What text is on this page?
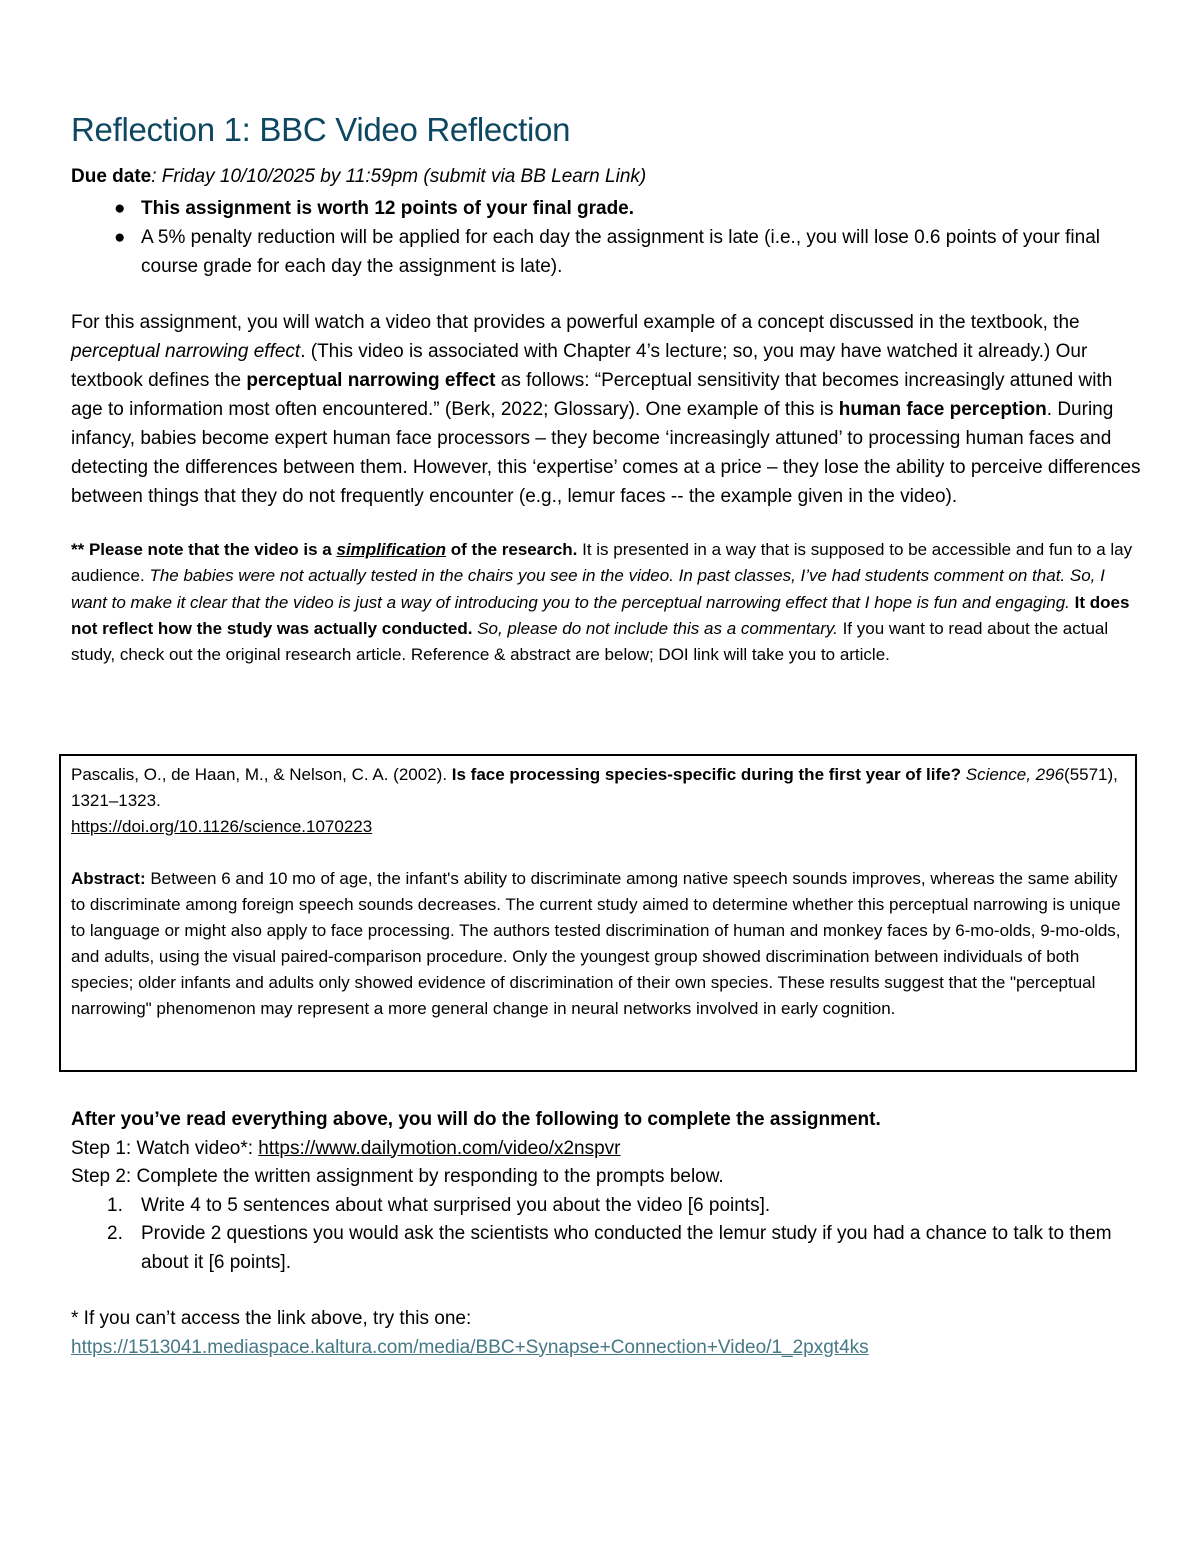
Reflection 1: BBC Video Reflection
Due date: Friday 10/10/2025 by 11:59pm (submit via BB Learn Link)
● This assignment is worth 12 points of your final grade.
● A 5% penalty reduction will be applied for each day the assignment is late (i.e., you will lose 0.6 points of your final course grade for each day the assignment is late).

For this assignment, you will watch a video that provides a powerful example of a concept discussed in the textbook, the perceptual narrowing effect. (This video is associated with Chapter 4’s lecture; so, you may have watched it already.) Our textbook defines the perceptual narrowing effect as follows: “Perceptual sensitivity that becomes increasingly attuned with age to information most often encountered.” (Berk, 2022; Glossary). One example of this is human face perception. During infancy, babies become expert human face processors – they become ‘increasingly attuned’ to processing human faces and detecting the differences between them. However, this ‘expertise’ comes at a price – they lose the ability to perceive differences between things that they do not frequently encounter (e.g., lemur faces -- the example given in the video).

** Please note that the video is a simplification of the research. It is presented in a way that is supposed to be accessible and fun to a lay audience. The babies were not actually tested in the chairs you see in the video. In past classes, I’ve had students comment on that. So, I want to make it clear that the video is just a way of introducing you to the perceptual narrowing effect that I hope is fun and engaging. It does not reflect how the study was actually conducted. So, please do not include this as a commentary. If you want to read about the actual study, check out the original research article. Reference & abstract are below; DOI link will take you to article.

Pascalis, O., de Haan, M., & Nelson, C. A. (2002). Is face processing species-specific during the first year of life? Science, 296(5571), 1321–1323.
https://doi.org/10.1126/science.1070223
Abstract: Between 6 and 10 mo of age, the infant's ability to discriminate among native speech sounds improves, whereas the same ability to discriminate among foreign speech sounds decreases. The current study aimed to determine whether this perceptual narrowing is unique to language or might also apply to face processing. The authors tested discrimination of human and monkey faces by 6-mo-olds, 9-mo-olds, and adults, using the visual paired-comparison procedure. Only the youngest group showed discrimination between individuals of both species; older infants and adults only showed evidence of discrimination of their own species. These results suggest that the "perceptual narrowing" phenomenon may represent a more general change in neural networks involved in early cognition.
After you’ve read everything above, you will do the following to complete the assignment.
Step 1: Watch video*: https://www.dailymotion.com/video/x2nspvr
Step 2: Complete the written assignment by responding to the prompts below.
1. Write 4 to 5 sentences about what surprised you about the video [6 points].
2. Provide 2 questions you would ask the scientists who conducted the lemur study if you had a chance to talk to them about it [6 points].
* If you can’t access the link above, try this one:
https://1513041.mediaspace.kaltura.com/media/BBC+Synapse+Connection+Video/1_2pxgt4ks
